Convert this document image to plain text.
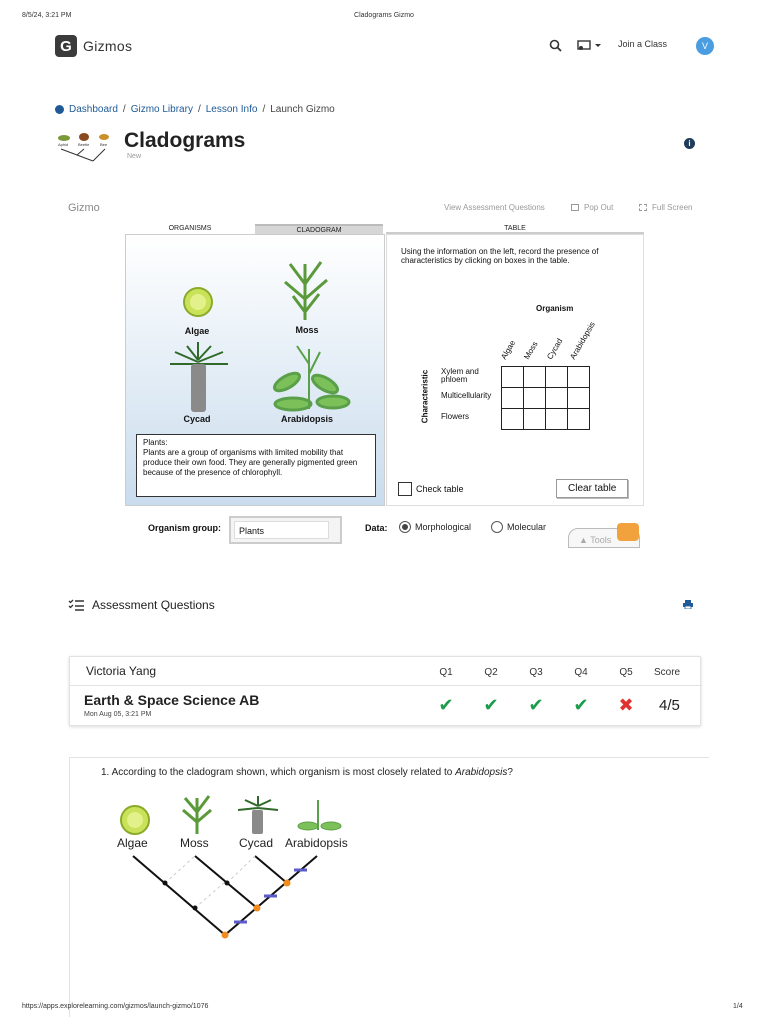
8/5/24, 3:21 PM	Cladograms Gizmo
G Gizmos	Join a Class	V
Dashboard / Gizmo Library / Lesson Info / Launch Gizmo
Aphid Beetle	Bee Cladograms
New
i
Gizmo	View Assessment Questions	Pop Out	Full Screen
ORGANISMS	CLADOGRAM	TABLE
Algae	Moss
Cycad	Arabidopsis
Plants:
Plants are a group of organisms with limited mobility that produce their own food. They are generally pigmented green because of the presence of chlorophyll.
Using the information on the left, record the presence of characteristics by clicking on boxes in the table.
Organism
Algae Moss Cycad Arabidopsis
Characteristic Xylem and phloem
Multicellularity
Flowers

Check table	Clear table
Organism group:	Plants	Data:	Morphological	Molecular
▲ Tools
Assessment Questions
Victoria Yang
Earth & Space Science AB
Mon Aug 05, 3:21 PM
Q1	Q2	Q3	Q4	Q5	Score
✔	✔	✔	✔	✖	4/5
1. According to the cladogram shown, which organism is most closely related to Arabidopsis?
Algae	Moss	Cycad Arabidopsis
https://apps.explorelearning.com/gizmos/launch-gizmo/1076	1/4
